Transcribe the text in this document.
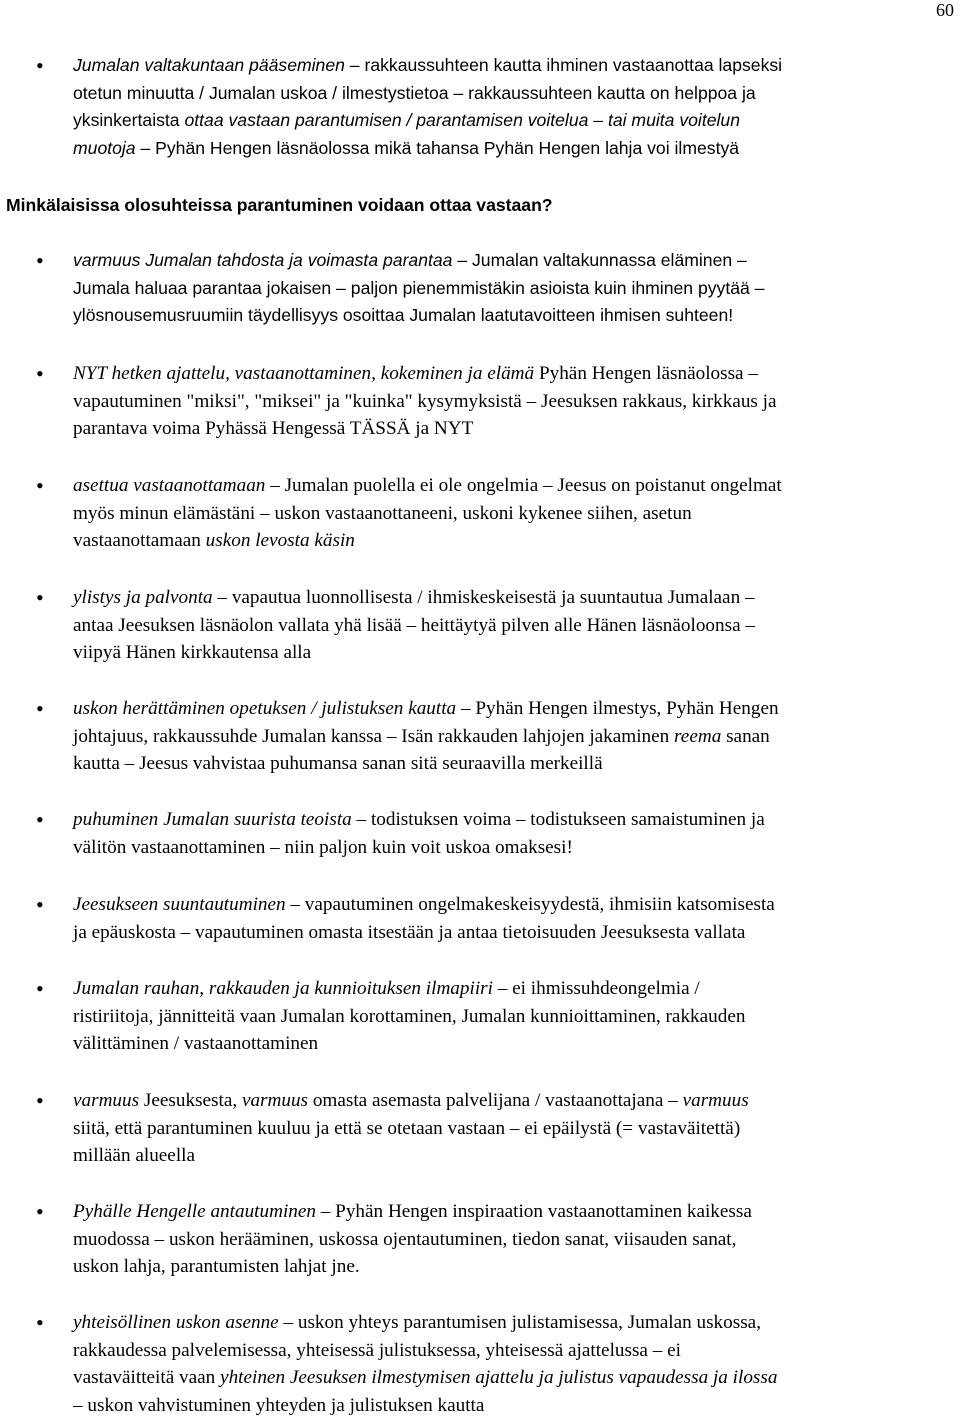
60
• Jumalan valtakuntaan pääseminen – rakkaussuhteen kautta ihminen vastaanottaa lapseksi
otetun minuutta / Jumalan uskoa / ilmestystietoa – rakkaussuhteen kautta on helppoa ja
yksinkertaista ottaa vastaan parantumisen / parantamisen voitelua – tai muita voitelun
muotoja – Pyhän Hengen läsnäolossa mikä tahansa Pyhän Hengen lahja voi ilmestyä
Minkälaisissa olosuhteissa parantuminen voidaan ottaa vastaan?
• varmuus Jumalan tahdosta ja voimasta parantaa – Jumalan valtakunnassa eläminen –
Jumala haluaa parantaa jokaisen – paljon pienemmistäkin asioista kuin ihminen pyytää –
ylösnousemusruumiin täydellisyys osoittaa Jumalan laatutavoitteen ihmisen suhteen!
• NYT hetken ajattelu, vastaanottaminen, kokeminen ja elämä Pyhän Hengen läsnäolossa –
vapautuminen "miksi", "miksei" ja "kuinka" kysymyksistä – Jeesuksen rakkaus, kirkkaus ja
parantava voima Pyhässä Hengessä TÄSSÄ ja NYT
• asettua vastaanottamaan – Jumalan puolella ei ole ongelmia – Jeesus on poistanut ongelmat
myös minun elämästäni – uskon vastaanottaneeni, uskoni kykenee siihen, asetun
vastaanottamaan uskon levosta käsin
• ylistys ja palvonta – vapautua luonnollisesta / ihmiskeskeisestä ja suuntautua Jumalaan –
antaa Jeesuksen läsnäolon vallata yhä lisää – heittäytyä pilven alle Hänen läsnäoloonsa –
viipyä Hänen kirkkautensa alla
• uskon herättäminen opetuksen / julistuksen kautta – Pyhän Hengen ilmestys, Pyhän Hengen
johtajuus, rakkaussuhde Jumalan kanssa – Isän rakkauden lahjojen jakaminen reema sanan
kautta – Jeesus vahvistaa puhumansa sanan sitä seuraavilla merkeillä
• puhuminen Jumalan suurista teoista – todistuksen voima – todistukseen samaistuminen ja
välitön vastaanottaminen – niin paljon kuin voit uskoa omaksesi!
• Jeesukseen suuntautuminen – vapautuminen ongelmakeskeisyydestä, ihmisiin katsomisesta
ja epäuskosta – vapautuminen omasta itsestään ja antaa tietoisuuden Jeesuksesta vallata
• Jumalan rauhan, rakkauden ja kunnioituksen ilmapiiri – ei ihmissuhdeongelmia /
ristiriitoja, jännitteitä vaan Jumalan korottaminen, Jumalan kunnioittaminen, rakkauden
välittäminen / vastaanottaminen
• varmuus Jeesuksesta, varmuus omasta asemasta palvelijana / vastaanottajana – varmuus
siitä, että parantuminen kuuluu ja että se otetaan vastaan – ei epäilystä (= vastaväitettä)
millään alueella
• Pyhälle Hengelle antautuminen – Pyhän Hengen inspiraation vastaanottaminen kaikessa
muodossa – uskon herääminen, uskossa ojentautuminen, tiedon sanat, viisauden sanat,
uskon lahja, parantumisten lahjat jne.
• yhteisöllinen uskon asenne – uskon yhteys parantumisen julistamisessa, Jumalan uskossa,
rakkaudessa palvelemisessa, yhteisessä julistuksessa, yhteisessä ajattelussa – ei
vastaväitteitä vaan yhteinen Jeesuksen ilmestymisen ajattelu ja julistus vapaudessa ja ilossa
– uskon vahvistuminen yhteyden ja julistuksen kautta
